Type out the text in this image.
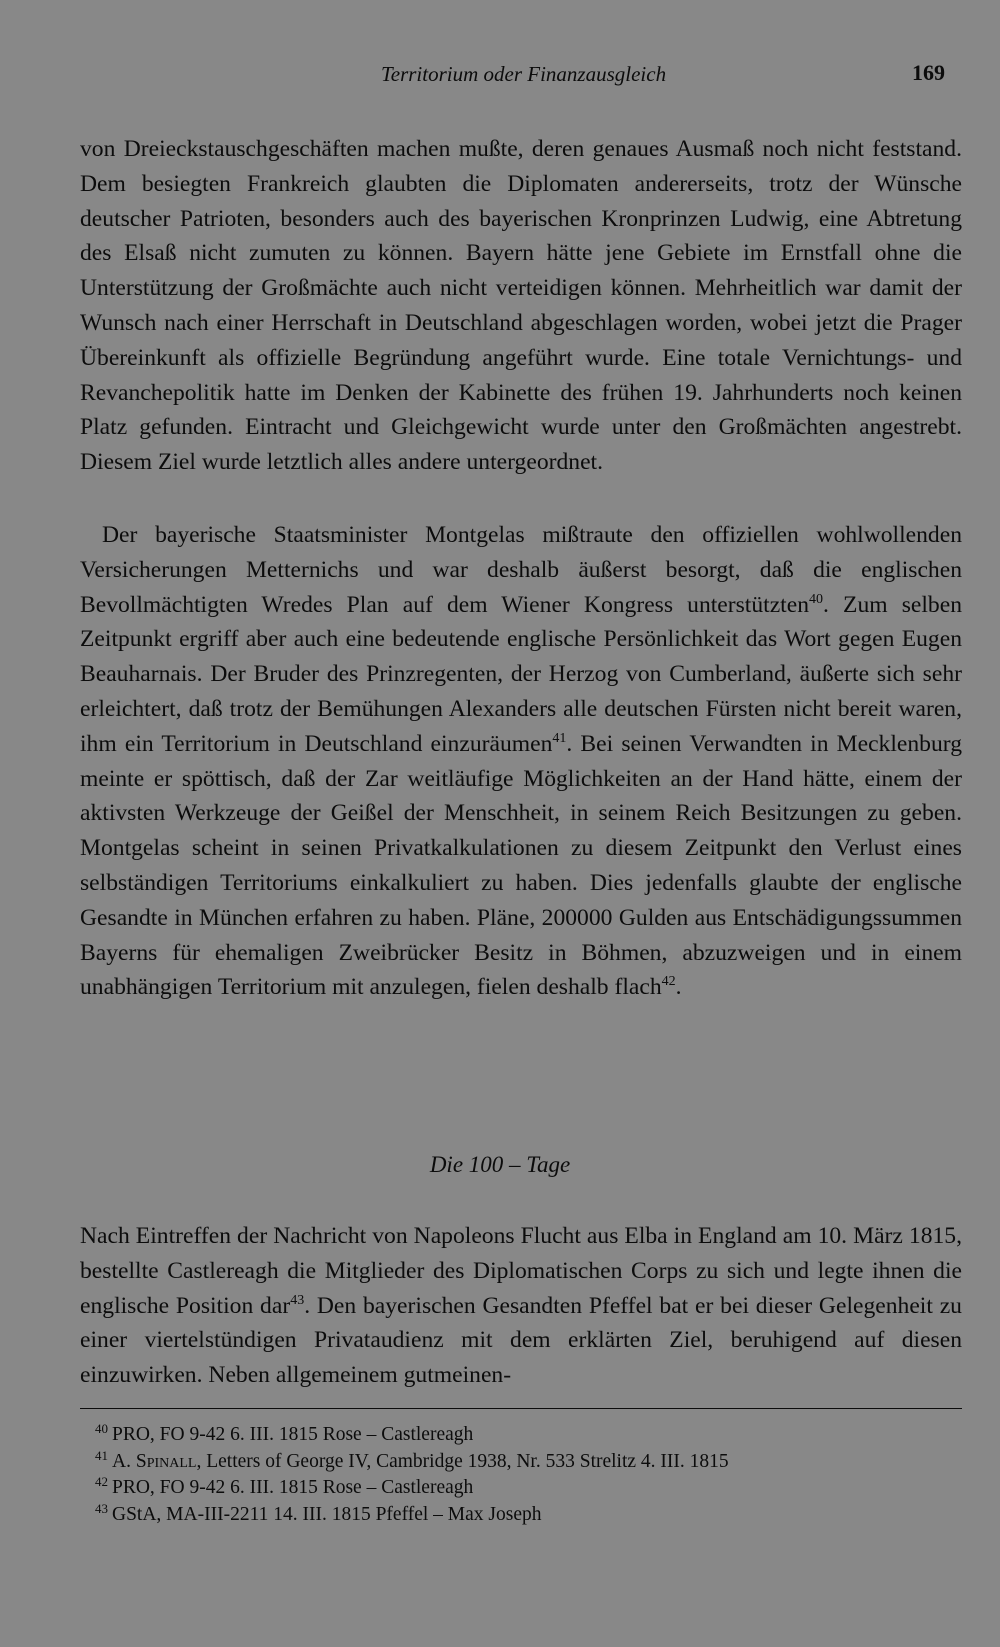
Territorium oder Finanzausgleich	169

von Dreieckstauschgeschäften machen mußte, deren genaues Ausmaß noch nicht feststand. Dem besiegten Frankreich glaubten die Diplomaten andererseits, trotz der Wünsche deutscher Patrioten, besonders auch des bayerischen Kronprinzen Ludwig, eine Abtretung des Elsaß nicht zumuten zu können. Bayern hätte jene Gebiete im Ernstfall ohne die Unterstützung der Großmächte auch nicht verteidigen können. Mehrheitlich war damit der Wunsch nach einer Herrschaft in Deutschland abgeschlagen worden, wobei jetzt die Prager Übereinkunft als offizielle Begründung angeführt wurde. Eine totale Vernichtungs- und Revanchepolitik hatte im Denken der Kabinette des frühen 19. Jahrhunderts noch keinen Platz gefunden. Eintracht und Gleichgewicht wurde unter den Großmächten angestrebt. Diesem Ziel wurde letztlich alles andere untergeordnet.

Der bayerische Staatsminister Montgelas mißtraute den offiziellen wohlwollenden Versicherungen Metternichs und war deshalb äußerst besorgt, daß die englischen Bevollmächtigten Wredes Plan auf dem Wiener Kongress unterstützten$^{40}$. Zum selben Zeitpunkt ergriff aber auch eine bedeutende englische Persönlichkeit das Wort gegen Eugen Beauharnais. Der Bruder des Prinzregenten, der Herzog von Cumberland, äußerte sich sehr erleichtert, daß trotz der Bemühungen Alexanders alle deutschen Fürsten nicht bereit waren, ihm ein Territorium in Deutschland einzuräumen$^{41}$. Bei seinen Verwandten in Mecklenburg meinte er spöttisch, daß der Zar weitläufige Möglichkeiten an der Hand hätte, einem der aktivsten Werkzeuge der Geißel der Menschheit, in seinem Reich Besitzungen zu geben. Montgelas scheint in seinen Privatkalkulationen zu diesem Zeitpunkt den Verlust eines selbständigen Territoriums einkalkuliert zu haben. Dies jedenfalls glaubte der englische Gesandte in München erfahren zu haben. Pläne, 200000 Gulden aus Entschädigungssummen Bayerns für ehemaligen Zweibrücker Besitz in Böhmen, abzuzweigen und in einem unabhängigen Territorium mit anzulegen, fielen deshalb flach$^{42}$.
Die 100 – Tage
Nach Eintreffen der Nachricht von Napoleons Flucht aus Elba in England am 10. März 1815, bestellte Castlereagh die Mitglieder des Diplomatischen Corps zu sich und legte ihnen die englische Position dar$^{43}$. Den bayerischen Gesandten Pfeffel bat er bei dieser Gelegenheit zu einer viertelstündigen Privataudienz mit dem erklärten Ziel, beruhigend auf diesen einzuwirken. Neben allgemeinem gutmeinen-

$^{40}$ PRO, FO 9-42 6. III. 1815 Rose – Castlereagh

$^{41}$ A. Spinall, Letters of George IV, Cambridge 1938, Nr. 533 Strelitz 4. III. 1815

$^{42}$ PRO, FO 9-42 6. III. 1815 Rose – Castlereagh

$^{43}$ GStA, MA-III-2211 14. III. 1815 Pfeffel – Max Joseph
